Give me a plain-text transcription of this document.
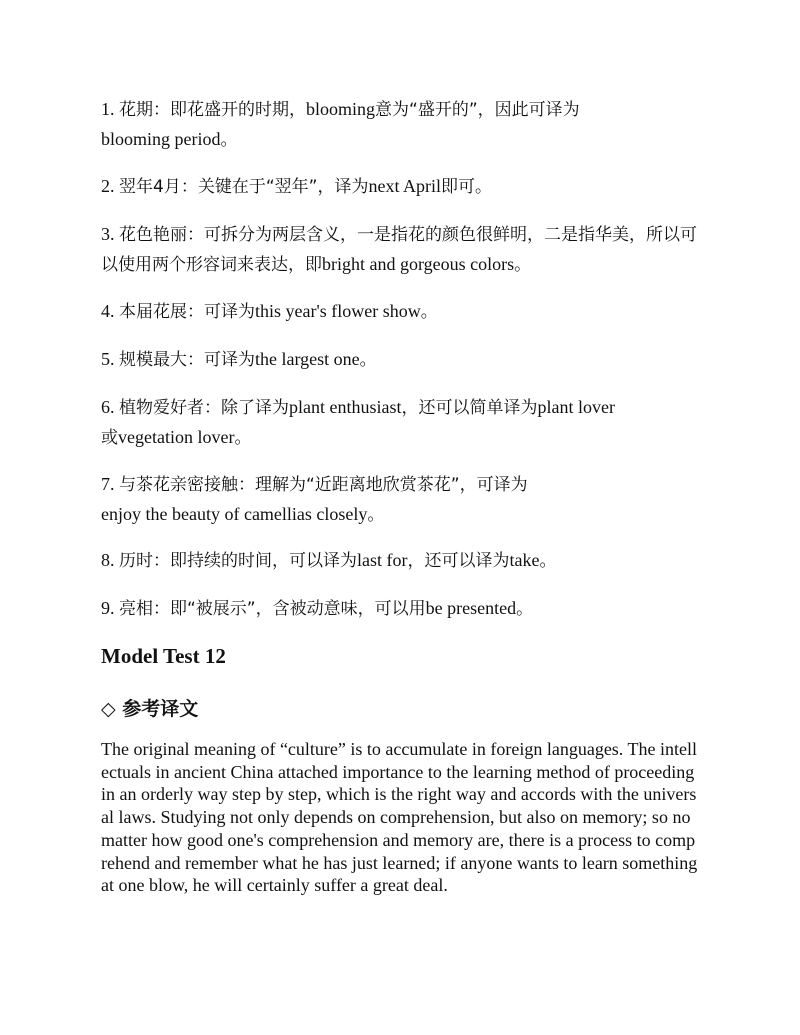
1. 花期：即花盛开的时期，blooming意为“盛开的”，因此可译为
blooming period。

2. 翌年4月：关键在于“翌年”，译为next April即可。

3. 花色艳丽：可拆分为两层含义，一是指花的颜色很鲜明，二是指华美，所以可以使用两个形容词来表达，即bright and gorgeous colors。

4. 本届花展：可译为this year's flower show。

5. 规模最大：可译为the largest one。

6. 植物爱好者：除了译为plant enthusiast，还可以简单译为plant lover
或vegetation lover。

7. 与茶花亲密接触：理解为“近距离地欣赏茶花”，可译为
enjoy the beauty of camellias closely。

8. 历时：即持续的时间，可以译为last for，还可以译为take。

9. 亮相：即“被展示”，含被动意味，可以用be presented。

Model Test 12
◇ 参考译文

The original meaning of “culture” is to accumulate in foreign languages. The intellectuals in ancient China attached importance to the learning method of proceeding in an orderly way step by step, which is the right way and accords with the universal laws. Studying not only depends on comprehension, but also on memory; so no matter how good one's comprehension and memory are, there is a process to comprehend and remember what he has just learned; if anyone wants to learn something at one blow, he will certainly suffer a great deal.
